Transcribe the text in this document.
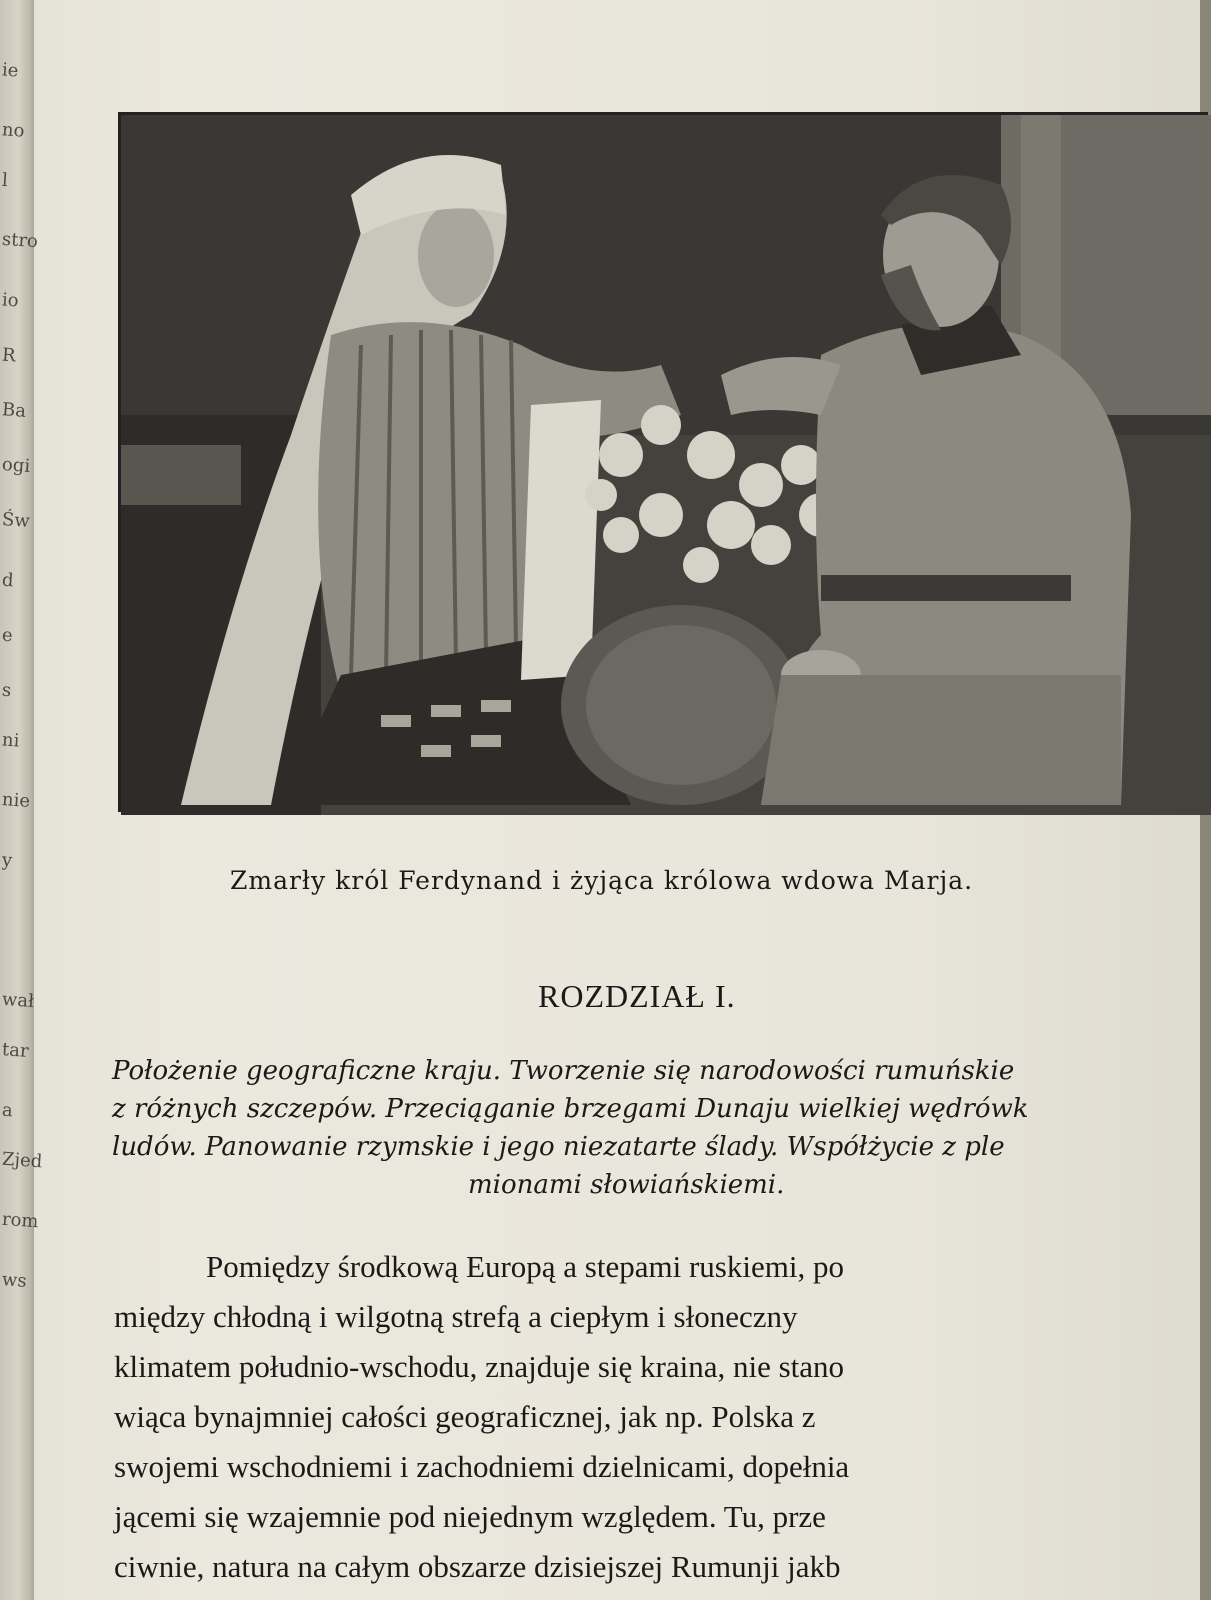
ie
no
l
stro
io
R
Ba
ogi
Św
d
e
s
ni
nie
y
wał
tar
a
Zjed
rom
ws
Zmarły król Ferdynand i żyjąca królowa wdowa Marja.
ROZDZIAŁ I.
Położenie geograficzne kraju. Tworzenie się narodowości rumuńskie
z różnych szczepów. Przeciąganie brzegami Dunaju wielkiej wędrówk
ludów. Panowanie rzymskie i jego niezatarte ślady. Współżycie z ple
mionami słowiańskiemi.
Pomiędzy środkową Europą a stepami ruskiemi, po
między chłodną i wilgotną strefą a ciepłym i słoneczny
klimatem południo-wschodu, znajduje się kraina, nie stano
wiąca bynajmniej całości geograficznej, jak np. Polska z
swojemi wschodniemi i zachodniemi dzielnicami, dopełnia
jącemi się wzajemnie pod niejednym względem. Tu, prze
ciwnie, natura na całym obszarze dzisiejszej Rumunji jakb
